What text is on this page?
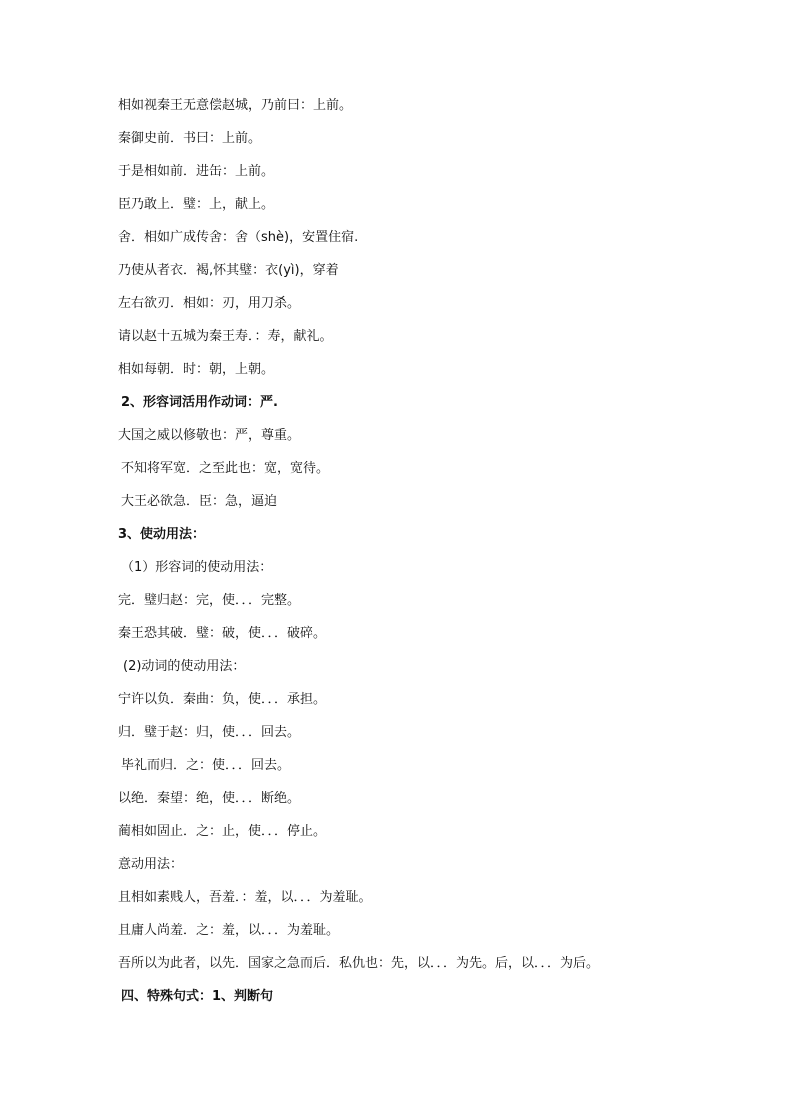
相如视秦王无意偿赵城，乃前曰：上前。
秦御史前．书曰：上前。
于是相如前．进缶：上前。
臣乃敢上．璧：上，献上。
舍．相如广成传舍：舍（shè)，安置住宿.
乃使从者衣．褐,怀其璧：衣(yì)，穿着
左右欲刃．相如：刃，用刀杀。
请以赵十五城为秦王寿．：寿，献礼。
相如每朝．时：朝，上朝。
2、形容词活用作动词：严.
大国之威以修敬也：严，尊重。
不知将军宽．之至此也：宽，宽待。
大王必欲急．臣：急，逼迫
3、使动用法：
（1）形容词的使动用法：
完．璧归赵：完，使．．．完整。
秦王恐其破．璧：破，使．．．破碎。
(2)动词的使动用法：
宁许以负．秦曲：负，使．．．承担。
归．璧于赵：归，使．．．回去。
毕礼而归．之：使．．．回去。
以绝．秦望：绝，使．．．断绝。
蔺相如固止．之：止，使．．．停止。
意动用法：
且相如素贱人，吾羞．：羞，以．．．为羞耻。
且庸人尚羞．之：羞，以．．．为羞耻。
吾所以为此者，以先．国家之急而后．私仇也：先，以．．．为先。后，以．．．为后。
四、特殊句式：1、判断句
